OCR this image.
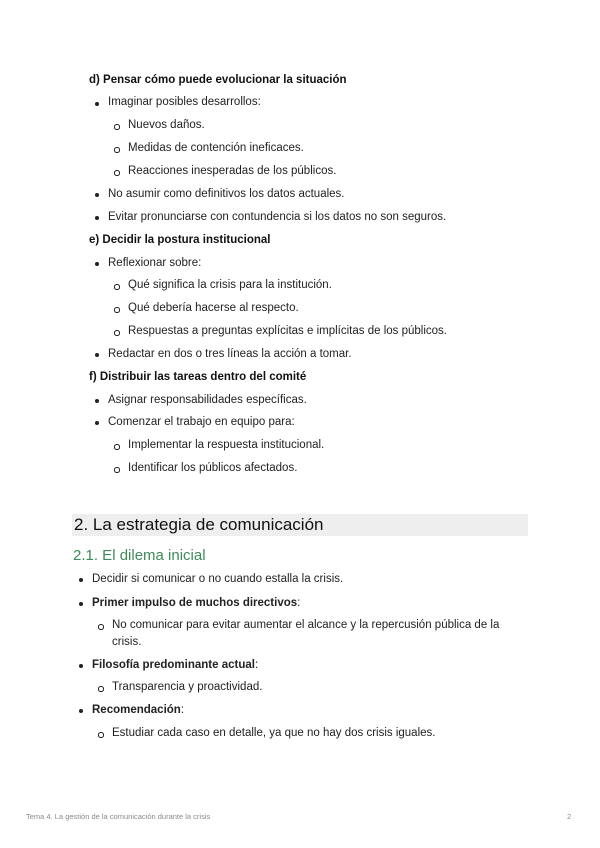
d) Pensar cómo puede evolucionar la situación
Imaginar posibles desarrollos:
Nuevos daños.
Medidas de contención ineficaces.
Reacciones inesperadas de los públicos.
No asumir como definitivos los datos actuales.
Evitar pronunciarse con contundencia si los datos no son seguros.
e) Decidir la postura institucional
Reflexionar sobre:
Qué significa la crisis para la institución.
Qué debería hacerse al respecto.
Respuestas a preguntas explícitas e implícitas de los públicos.
Redactar en dos o tres líneas la acción a tomar.
f) Distribuir las tareas dentro del comité
Asignar responsabilidades específicas.
Comenzar el trabajo en equipo para:
Implementar la respuesta institucional.
Identificar los públicos afectados.
2. La estrategia de comunicación
2.1. El dilema inicial
Decidir si comunicar o no cuando estalla la crisis.
Primer impulso de muchos directivos:
No comunicar para evitar aumentar el alcance y la repercusión pública de la
crisis.
Filosofía predominante actual:
Transparencia y proactividad.
Recomendación:
Estudiar cada caso en detalle, ya que no hay dos crisis iguales.
Tema 4. La gestión de la comunicación durante la crisis	2
